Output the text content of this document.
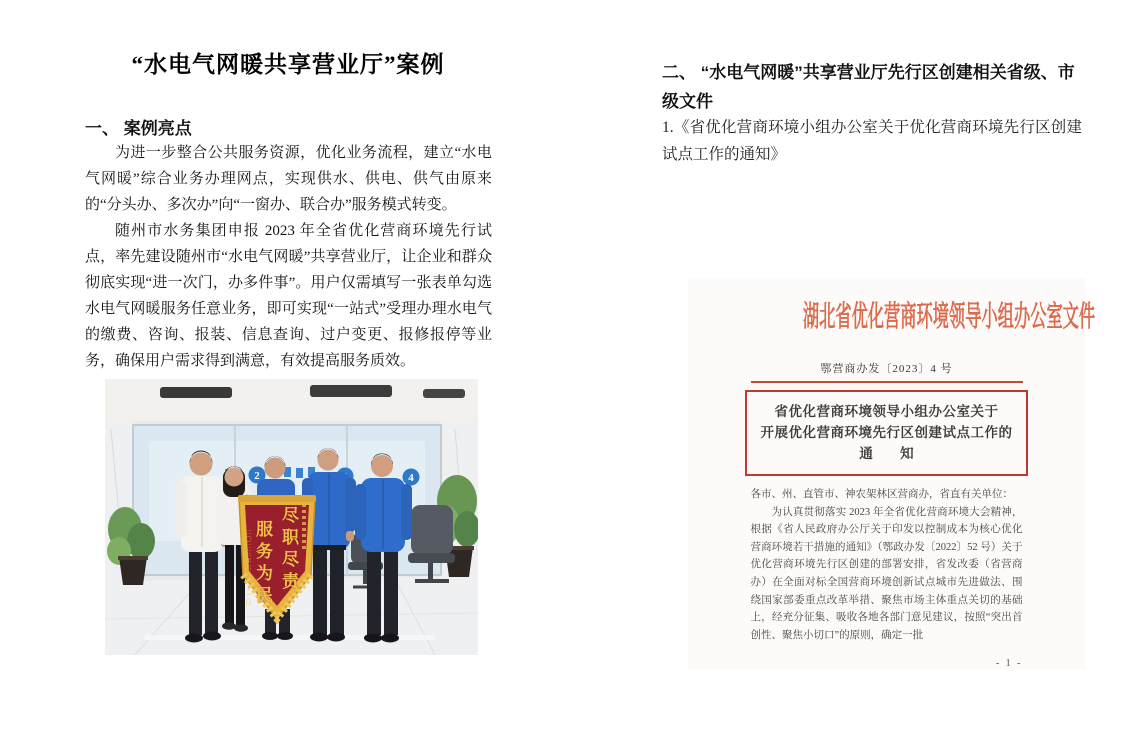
“水电气网暖共享营业厅”案例
一、 案例亮点

为进一步整合公共服务资源，优化业务流程，建立“水电气网暖”综合业务办理网点，实现供水、供电、供气由原来的“分头办、多次办”向“一窗办、联合办”服务模式转变。

随州市水务集团申报 2023 年全省优化营商环境先行试点，率先建设随州市“水电气网暖”共享营业厅，让企业和群众彻底实现“进一次门，办多件事”。用户仅需填写一张表单勾选水电气网暖服务任意业务，即可实现“一站式”受理办理水电气的缴费、咨询、报装、信息查询、过户变更、报修报停等业务，确保用户需求得到满意，有效提高服务质效。

2	4
尽职尽责
服务为民
二〇二三年六月二十一日
二、 “水电气网暖”共享营业厅先行区创建相关省级、市级文件
1.《省优化营商环境小组办公室关于优化营商环境先行区创建试点工作的通知》
湖北省优化营商环境领导小组办公室文件
鄂营商办发〔2023〕4 号
省优化营商环境领导小组办公室关于
开展优化营商环境先行区创建试点工作的
通 知

各市、州、直管市、神农架林区营商办，省直有关单位：

为认真贯彻落实 2023 年全省优化营商环境大会精神，根据《省人民政府办公厅关于印发以控制成本为核心优化营商环境若干措施的通知》（鄂政办发〔2022〕52 号）关于优化营商环境先行区创建的部署安排，省发改委（省营商办）在全面对标全国营商环境创新试点城市先进做法、围绕国家部委重点改革举措、聚焦市场主体重点关切的基础上，经充分征集、吸收各地各部门意见建议，按照“突出首创性、聚焦小切口”的原则，确定一批

- 1 -
